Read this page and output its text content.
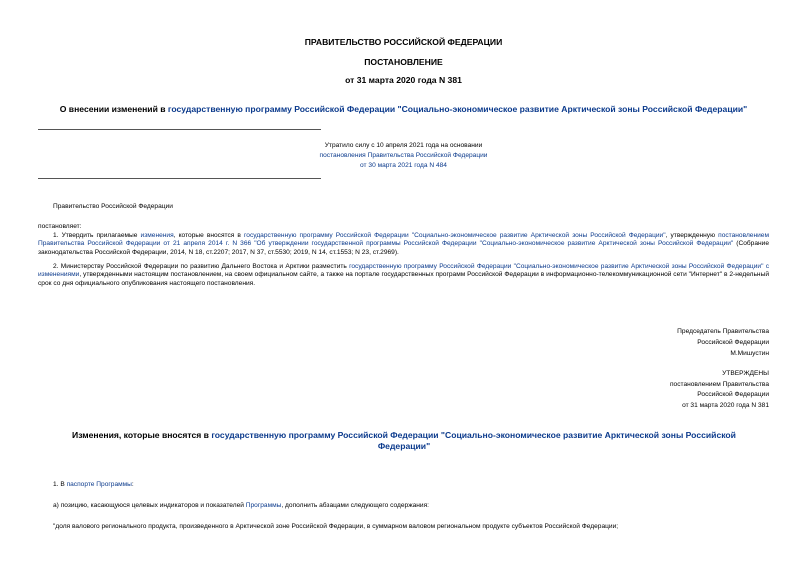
ПРАВИТЕЛЬСТВО РОССИЙСКОЙ ФЕДЕРАЦИИ
ПОСТАНОВЛЕНИЕ
от 31 марта 2020 года N 381
О внесении изменений в государственную программу Российской Федерации "Социально-экономическое развитие Арктической зоны Российской Федерации"
Утратило силу с 10 апреля 2021 года на основании
постановления Правительства Российской Федерации
от 30 марта 2021 года N 484
Правительство Российской Федерации
постановляет:
1. Утвердить прилагаемые изменения, которые вносятся в государственную программу Российской Федерации "Социально-экономическое развитие Арктической зоны Российской Федерации", утвержденную постановлением Правительства Российской Федерации от 21 апреля 2014 г. N 366 "Об утверждении государственной программы Российской Федерации "Социально-экономическое развитие Арктической зоны Российской Федерации" (Собрание законодательства Российской Федерации, 2014, N 18, ст.2207; 2017, N 37, ст.5530; 2019, N 14, ст.1553; N 23, ст.2969).
2. Министерству Российской Федерации по развитию Дальнего Востока и Арктики разместить государственную программу Российской Федерации "Социально-экономическое развитие Арктической зоны Российской Федерации" с изменениями, утвержденными настоящим постановлением, на своем официальном сайте, а также на портале государственных программ Российской Федерации в информационно-телекоммуникационной сети "Интернет" в 2-недельный срок со дня официального опубликования настоящего постановления.
Председатель Правительства
Российской Федерации
М.Мишустин
УТВЕРЖДЕНЫ
постановлением Правительства
Российской Федерации
от 31 марта 2020 года N 381
Изменения, которые вносятся в государственную программу Российской Федерации "Социально-экономическое развитие Арктической зоны Российской Федерации"
1. В паспорте Программы:
а) позицию, касающуюся целевых индикаторов и показателей Программы, дополнить абзацами следующего содержания:
"доля валового регионального продукта, произведенного в Арктической зоне Российской Федерации, в суммарном валовом региональном продукте субъектов Российской Федерации;
